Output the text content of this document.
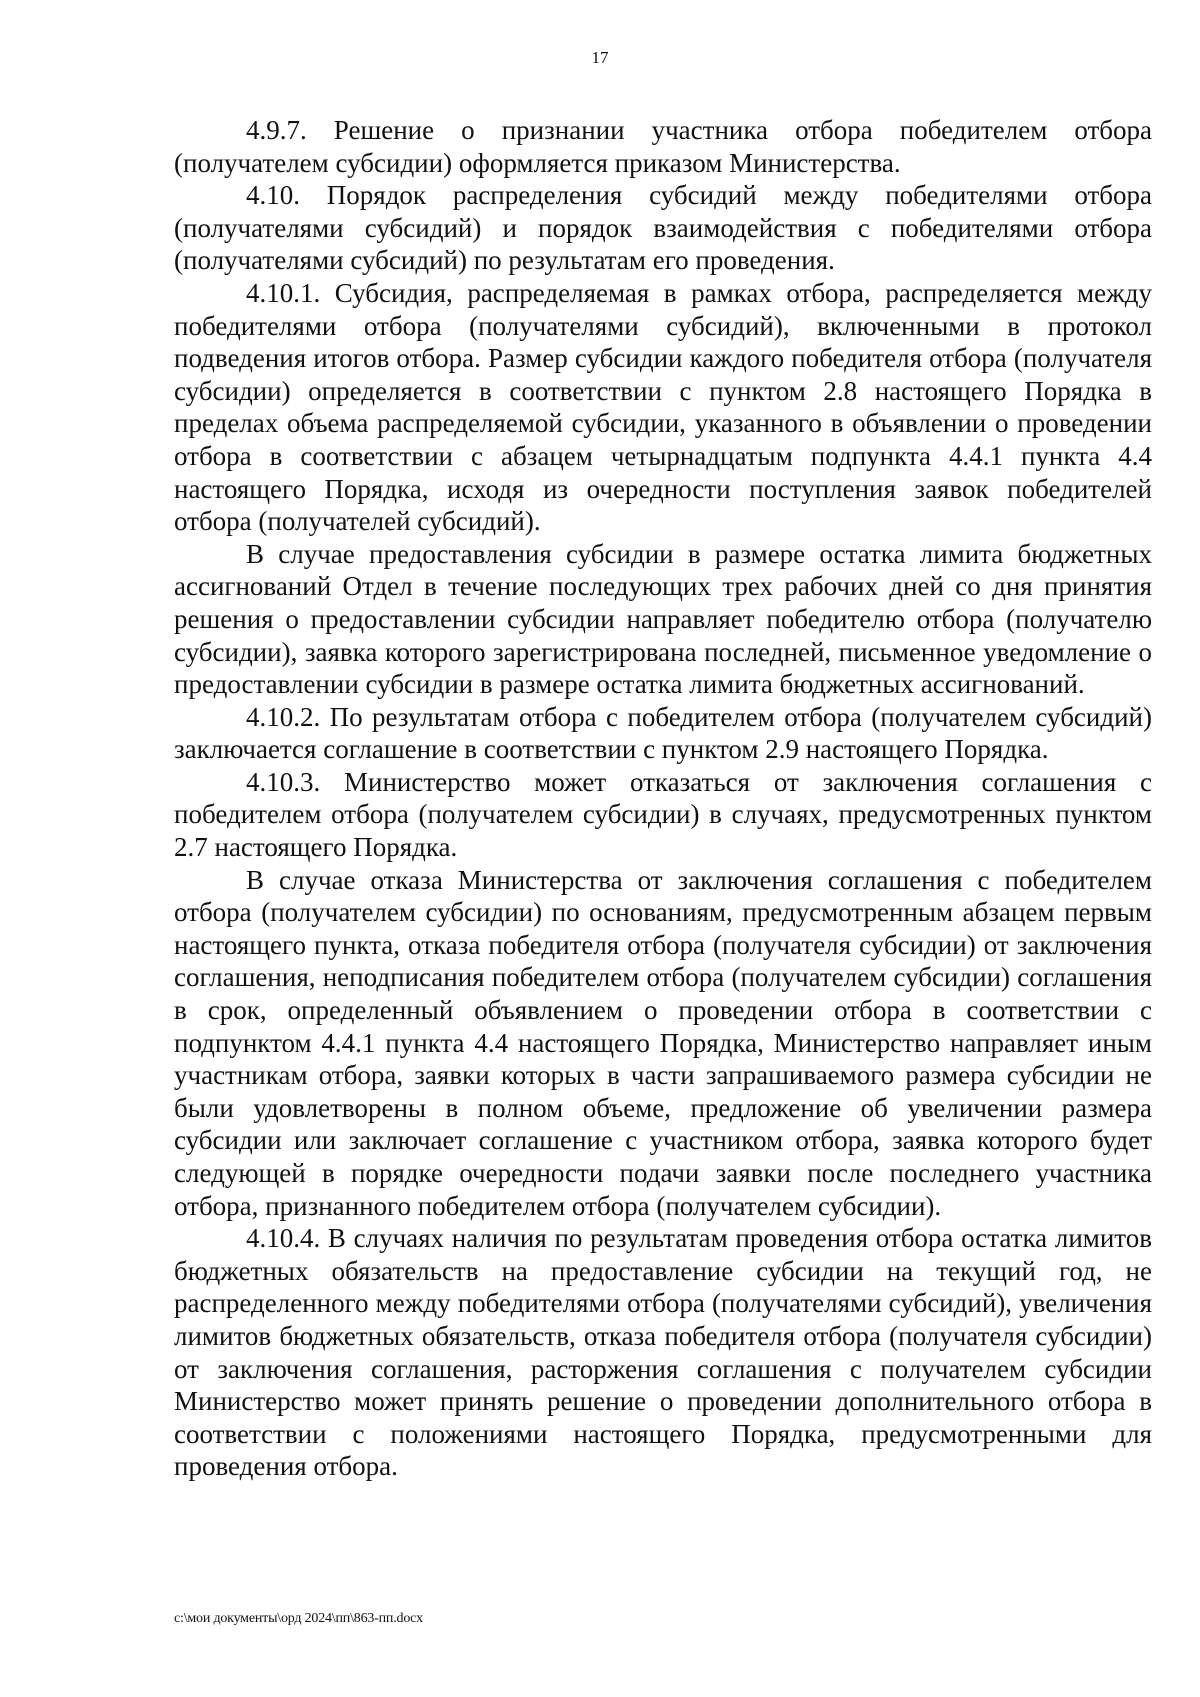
17

4.9.7. Решение о признании участника отбора победителем отбора (получателем субсидии) оформляется приказом Министерства.

4.10. Порядок распределения субсидий между победителями отбора (получателями субсидий) и порядок взаимодействия с победителями отбора (получателями субсидий) по результатам его проведения.

4.10.1. Субсидия, распределяемая в рамках отбора, распределяется между победителями отбора (получателями субсидий), включенными в протокол подведения итогов отбора. Размер субсидии каждого победителя отбора (получателя субсидии) определяется в соответствии с пунктом 2.8 настоящего Порядка в пределах объема распределяемой субсидии, указанного в объявлении о проведении отбора в соответствии с абзацем четырнадцатым подпункта 4.4.1 пункта 4.4 настоящего Порядка, исходя из очередности поступления заявок победителей отбора (получателей субсидий).

В случае предоставления субсидии в размере остатка лимита бюджетных ассигнований Отдел в течение последующих трех рабочих дней со дня принятия решения о предоставлении субсидии направляет победителю отбора (получателю субсидии), заявка которого зарегистрирована последней, письменное уведомление о предоставлении субсидии в размере остатка лимита бюджетных ассигнований.

4.10.2. По результатам отбора с победителем отбора (получателем субсидий) заключается соглашение в соответствии с пунктом 2.9 настоящего Порядка.

4.10.3. Министерство может отказаться от заключения соглашения с победителем отбора (получателем субсидии) в случаях, предусмотренных пунктом 2.7 настоящего Порядка.

В случае отказа Министерства от заключения соглашения с победителем отбора (получателем субсидии) по основаниям, предусмотренным абзацем первым настоящего пункта, отказа победителя отбора (получателя субсидии) от заключения соглашения, неподписания победителем отбора (получателем субсидии) соглашения в срок, определенный объявлением о проведении отбора в соответствии с подпунктом 4.4.1 пункта 4.4 настоящего Порядка, Министерство направляет иным участникам отбора, заявки которых в части запрашиваемого размера субсидии не были удовлетворены в полном объеме, предложение об увеличении размера субсидии или заключает соглашение с участником отбора, заявка которого будет следующей в порядке очередности подачи заявки после последнего участника отбора, признанного победителем отбора (получателем субсидии).

4.10.4. В случаях наличия по результатам проведения отбора остатка лимитов бюджетных обязательств на предоставление субсидии на текущий год, не распределенного между победителями отбора (получателями субсидий), увеличения лимитов бюджетных обязательств, отказа победителя отбора (получателя субсидии) от заключения соглашения, расторжения соглашения с получателем субсидии Министерство может принять решение о проведении дополнительного отбора в соответствии с положениями настоящего Порядка, предусмотренными для проведения отбора.

c:\мои документы\орд 2024\пп\863-пп.docx
